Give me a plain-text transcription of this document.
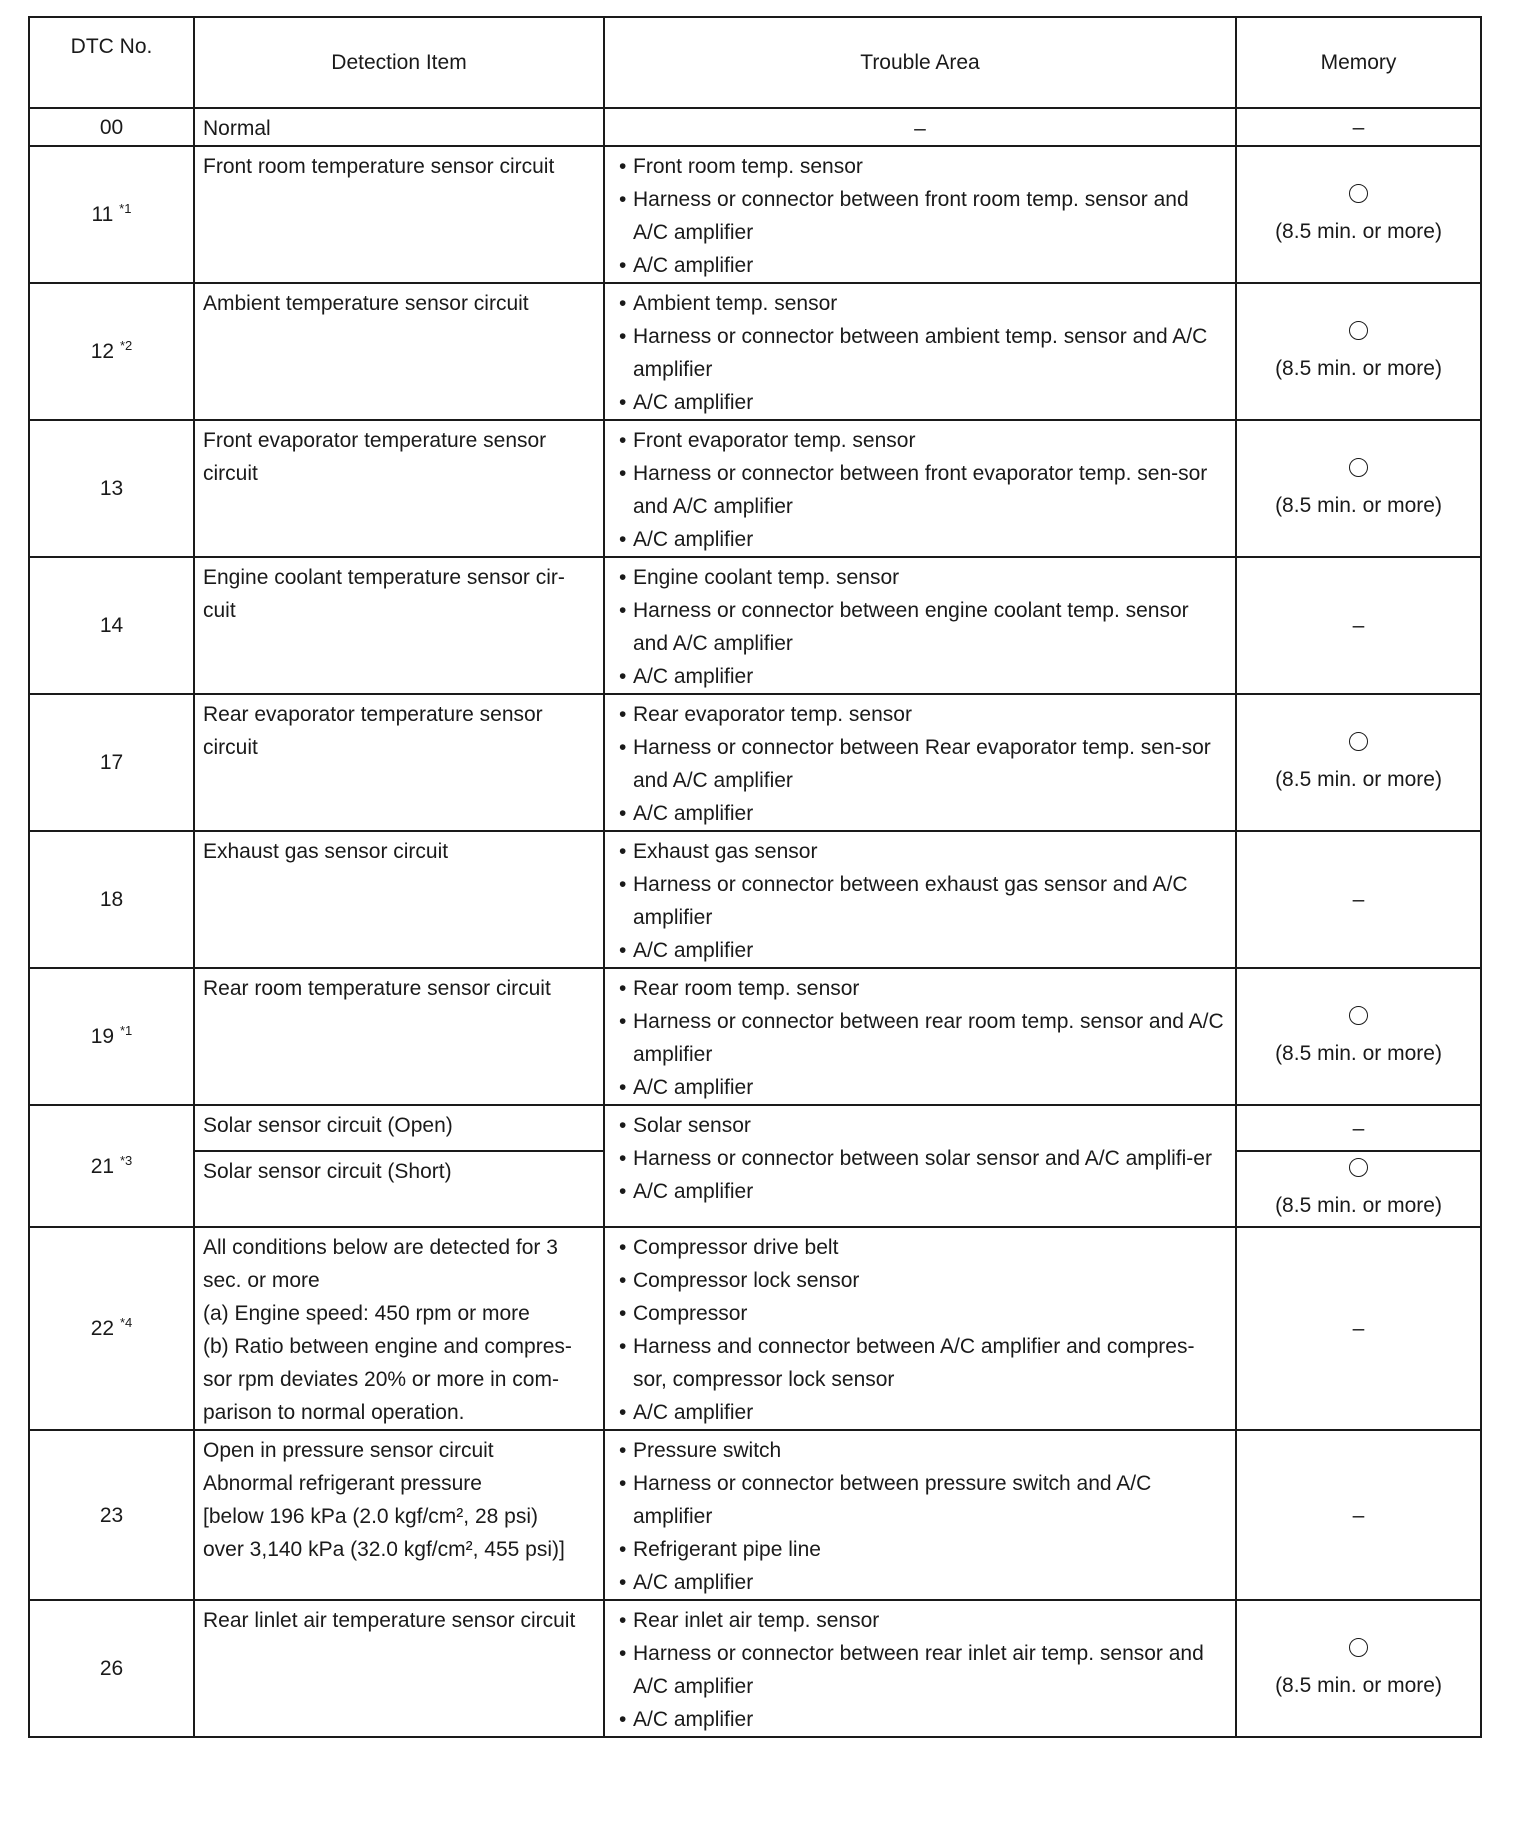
DTC No.	Detection Item	Trouble Area	Memory
00	Normal	–	–
11 $^{*1}$	Front room temperature sensor circuit	• Front room temp. sensor
• Harness or connector between front room temp. sensor and A/C amplifier
• A/C amplifier	(8.5 min. or more)
12 $^{*2}$	Ambient temperature sensor circuit	• Ambient temp. sensor
• Harness or connector between ambient temp. sensor and A/C amplifier
• A/C amplifier	(8.5 min. or more)
13	Front evaporator temperature sensor circuit	• Front evaporator temp. sensor
• Harness or connector between front evaporator temp. sen-sor and A/C amplifier
• A/C amplifier	(8.5 min. or more)
14	Engine coolant temperature sensor cir-cuit	• Engine coolant temp. sensor
• Harness or connector between engine coolant temp. sensor and A/C amplifier
• A/C amplifier	–
17	Rear evaporator temperature sensor circuit	• Rear evaporator temp. sensor
• Harness or connector between Rear evaporator temp. sen-sor and A/C amplifier
• A/C amplifier	(8.5 min. or more)
18	Exhaust gas sensor circuit	• Exhaust gas sensor
• Harness or connector between exhaust gas sensor and A/C amplifier
• A/C amplifier	–
19 $^{*1}$	Rear room temperature sensor circuit	• Rear room temp. sensor
• Harness or connector between rear room temp. sensor and A/C amplifier
• A/C amplifier	(8.5 min. or more)
21 $^{*3}$	Solar sensor circuit (Open)	• Solar sensor
• Harness or connector between solar sensor and A/C amplifi-er
• A/C amplifier	–

	Solar sensor circuit (Short)		(8.5 min. or more)
22 $^{*4}$	All conditions below are detected for 3 sec. or more
(a) Engine speed: 450 rpm or more
(b) Ratio between engine and compres-sor rpm deviates 20% or more in com-parison to normal operation.	• Compressor drive belt
• Compressor lock sensor
• Compressor
• Harness and connector between A/C amplifier and compres-sor, compressor lock sensor
• A/C amplifier	–
23	Open in pressure sensor circuit
Abnormal refrigerant pressure
[below 196 kPa (2.0 kgf/cm², 28 psi)
over 3,140 kPa (32.0 kgf/cm², 455 psi)]	• Pressure switch
• Harness or connector between pressure switch and A/C amplifier
• Refrigerant pipe line
• A/C amplifier	–
26	Rear linlet air temperature sensor circuit	• Rear inlet air temp. sensor
• Harness or connector between rear inlet air temp. sensor and A/C amplifier
• A/C amplifier	(8.5 min. or more)
